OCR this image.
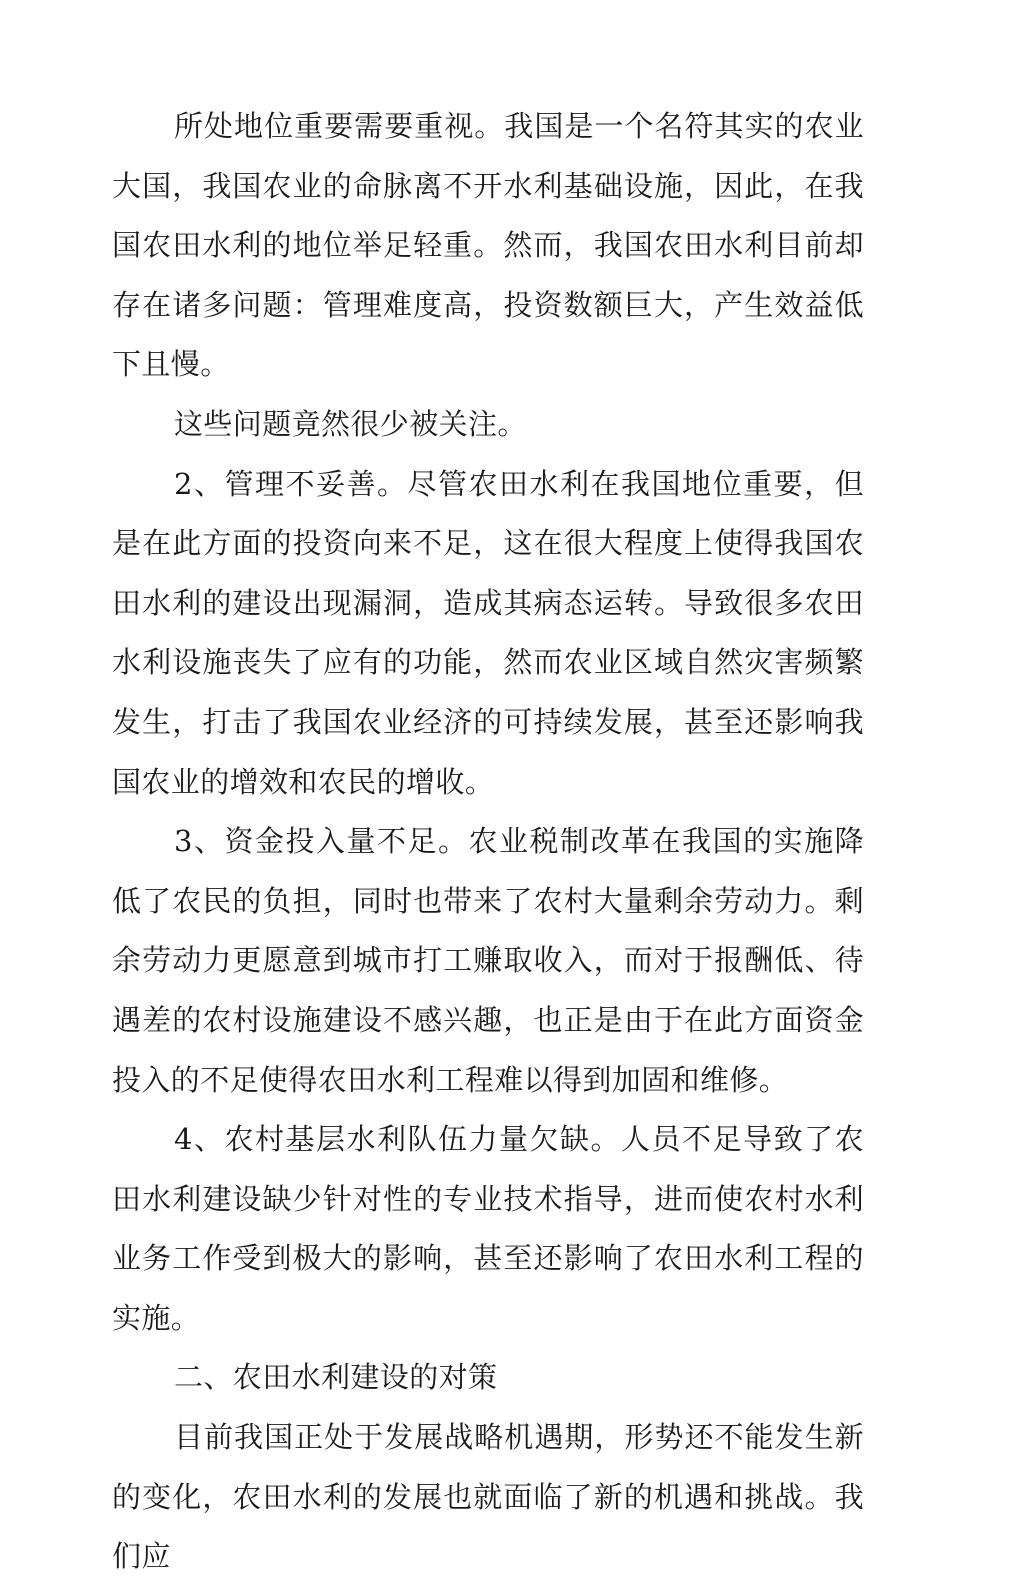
所处地位重要需要重视。我国是一个名符其实的农业大国，我国农业的命脉离不开水利基础设施，因此，在我国农田水利的地位举足轻重。然而，我国农田水利目前却存在诸多问题：管理难度高，投资数额巨大，产生效益低下且慢。

这些问题竟然很少被关注。

2、管理不妥善。尽管农田水利在我国地位重要，但是在此方面的投资向来不足，这在很大程度上使得我国农田水利的建设出现漏洞，造成其病态运转。导致很多农田水利设施丧失了应有的功能，然而农业区域自然灾害频繁发生，打击了我国农业经济的可持续发展，甚至还影响我国农业的增效和农民的增收。

3、资金投入量不足。农业税制改革在我国的实施降低了农民的负担，同时也带来了农村大量剩余劳动力。剩余劳动力更愿意到城市打工赚取收入，而对于报酬低、待遇差的农村设施建设不感兴趣，也正是由于在此方面资金投入的不足使得农田水利工程难以得到加固和维修。

4、农村基层水利队伍力量欠缺。人员不足导致了农田水利建设缺少针对性的专业技术指导，进而使农村水利业务工作受到极大的影响，甚至还影响了农田水利工程的实施。

二、农田水利建设的对策

目前我国正处于发展战略机遇期，形势还不能发生新的变化，农田水利的发展也就面临了新的机遇和挑战。我们应
